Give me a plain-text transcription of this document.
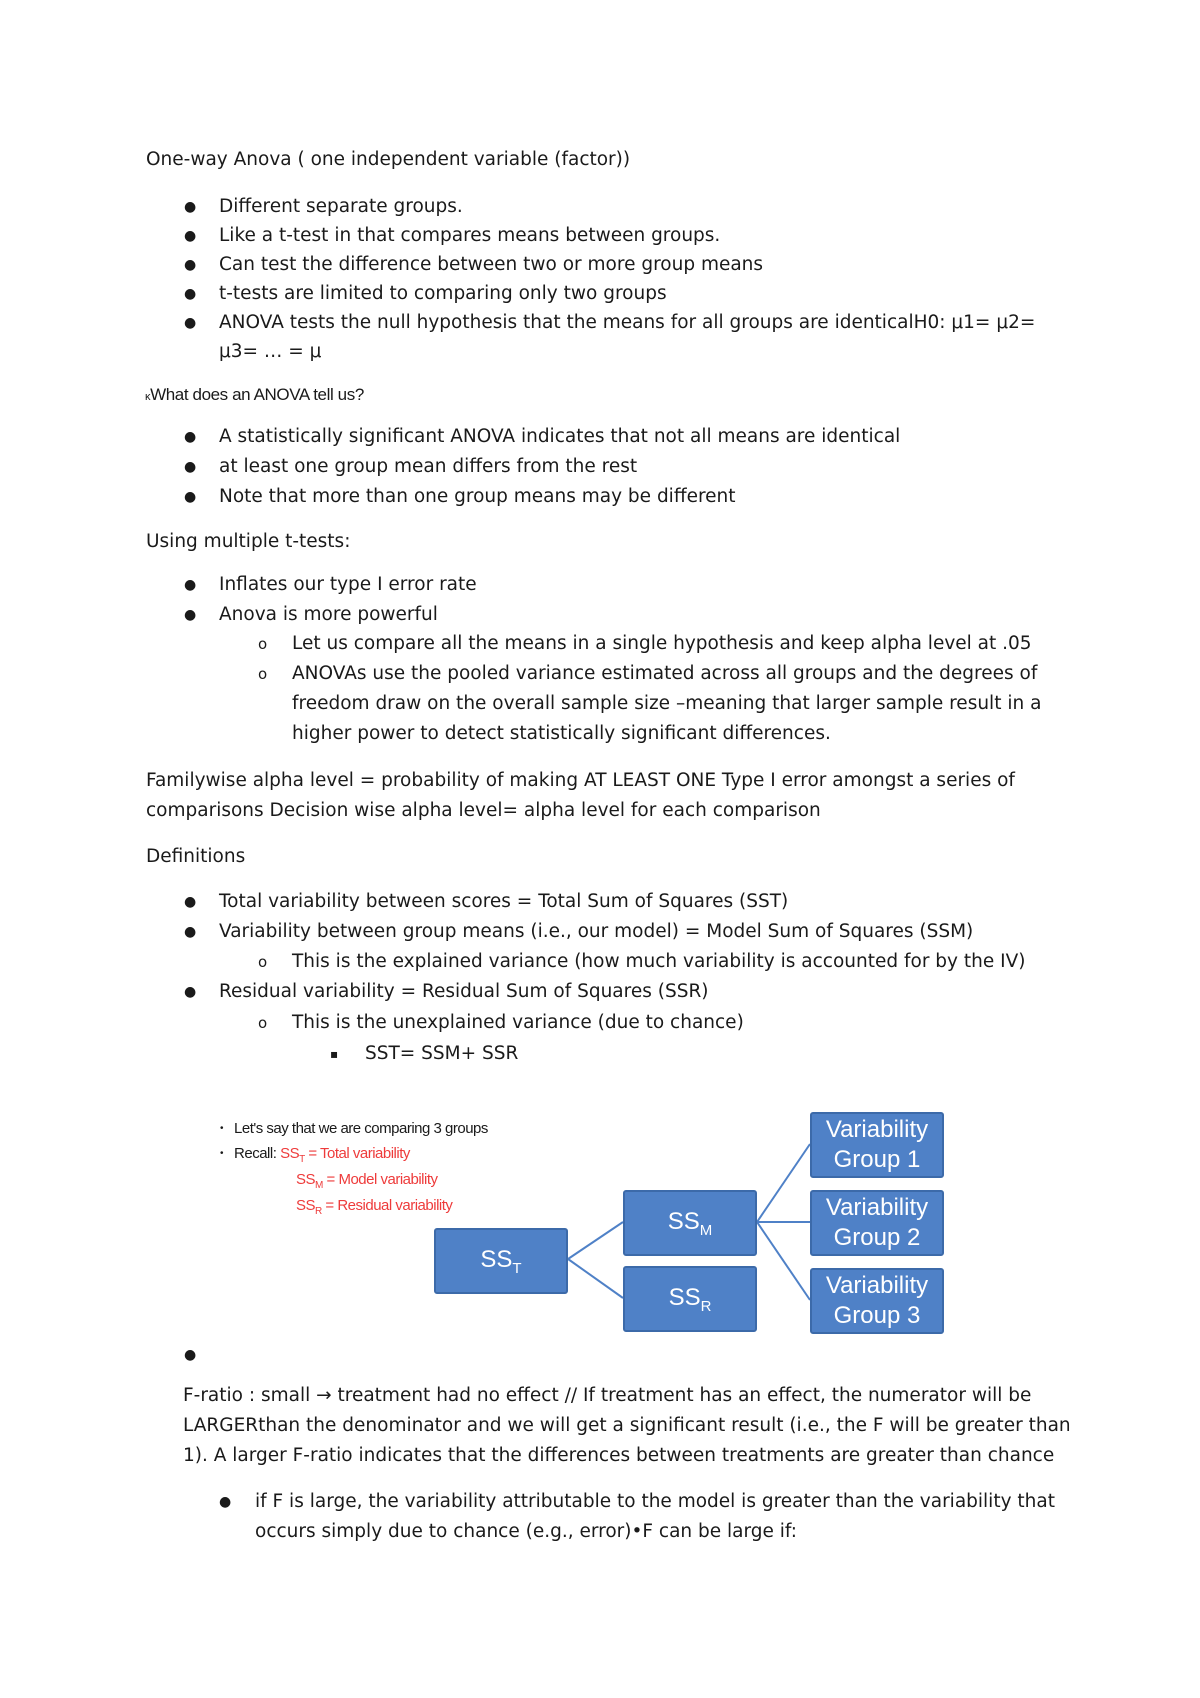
One-way Anova ( one independent variable (factor))
● Different separate groups.
● Like a t-test in that compares means between groups.
● Can test the difference between two or more group means
● t-tests are limited to comparing only two groups
● ANOVA tests the null hypothesis that the means for all groups are identicalH0: μ1= μ2=
μ3= … = μ
κWhat does an ANOVA tell us?
● A statistically significant ANOVA indicates that not all means are identical
● at least one group mean differs from the rest
● Note that more than one group means may be different
Using multiple t-tests:
● Inflates our type I error rate
● Anova is more powerful
o Let us compare all the means in a single hypothesis and keep alpha level at .05
o ANOVAs use the pooled variance estimated across all groups and the degrees of
freedom draw on the overall sample size –meaning that larger sample result in a
higher power to detect statistically significant differences.
Familywise alpha level = probability of making AT LEAST ONE Type I error amongst a series of
comparisons Decision wise alpha level= alpha level for each comparison
Definitions
● Total variability between scores = Total Sum of Squares (SST)
● Variability between group means (i.e., our model) = Model Sum of Squares (SSM)
o This is the explained variance (how much variability is accounted for by the IV)
● Residual variability = Residual Sum of Squares (SSR)
o This is the unexplained variance (due to chance)
▪ SST= SSM+ SSR
• Let's say that we are comparing 3 groups
• Recall: $SS_T$ = Total variability
$SS_M$ = Model variability
$SS_R$ = Residual variability
$SS_T$
$SS_M$
$SS_R$
Variability
Group 1
Variability
Group 2
Variability
Group 3
●
F-ratio : small → treatment had no effect // If treatment has an effect, the numerator will be
LARGERthan the denominator and we will get a significant result (i.e., the F will be greater than
1). A larger F-ratio indicates that the differences between treatments are greater than chance
● if F is large, the variability attributable to the model is greater than the variability that
occurs simply due to chance (e.g., error)•F can be large if:
